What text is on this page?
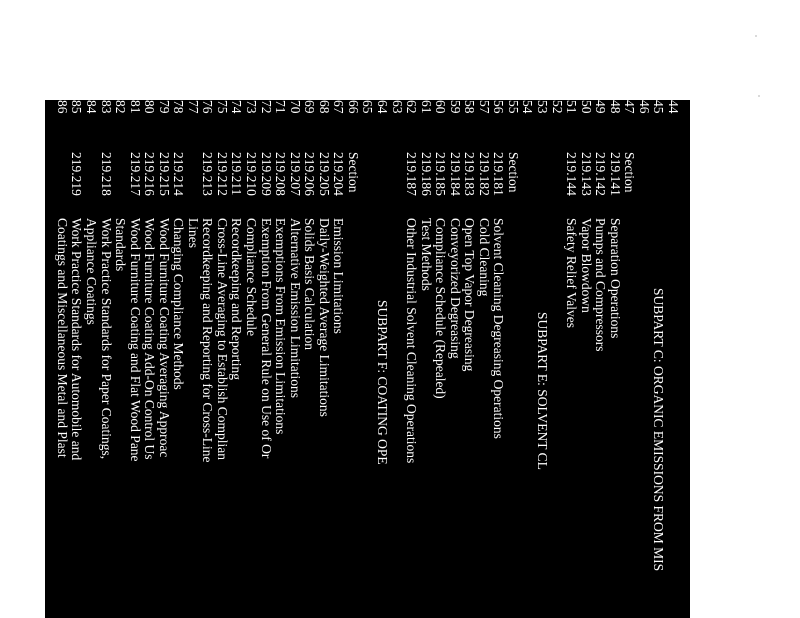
44
45
SUBPART C: ORGANIC EMISSIONS FROM MIS
46
47
Section
48
219.141
Separation Operations
49
219.142
Pumps and Compressors
50
219.143
Vapor Blowdown
51
219.144
Safety Relief Valves
52
53
SUBPART E: SOLVENT CL
54
55
Section
56
219.181
Solvent Cleaning Degreasing Operations
57
219.182
Cold Cleaning
58
219.183
Open Top Vapor Degreasing
59
219.184
Conveyorized Degreasing
60
219.185
Compliance Schedule (Repealed)
61
219.186
Test Methods
62
219.187
Other Industrial Solvent Cleaning Operations
63
64
SUBPART F: COATING OPE
65
66
Section
67
219.204
Emission Limitations
68
219.205
Daily-Weighted Average Limitations
69
219.206
Solids Basis Calculation
70
219.207
Alternative Emission Limitations
71
219.208
Exemptions From Emission Limitations
72
219.209
Exemption From General Rule on Use of Or
73
219.210
Compliance Schedule
74
219.211
Recordkeeping and Reporting
75
219.212
Cross-Line Averaging to Establish Complian
76
219.213
Recordkeeping and Reporting for Cross-Line
77
Lines
78
219.214
Changing Compliance Methods
79
219.215
Wood Furniture Coating Averaging Approac
80
219.216
Wood Furniture Coating Add-On Control Us
81
219.217
Wood Furniture Coating and Flat Wood Pane
82
Standards
83
219.218
Work Practice Standards for Paper Coatings,
84
Appliance Coatings
85
219.219
Work Practice Standards for Automobile and
86
Coatings and Miscellaneous Metal and Plast
